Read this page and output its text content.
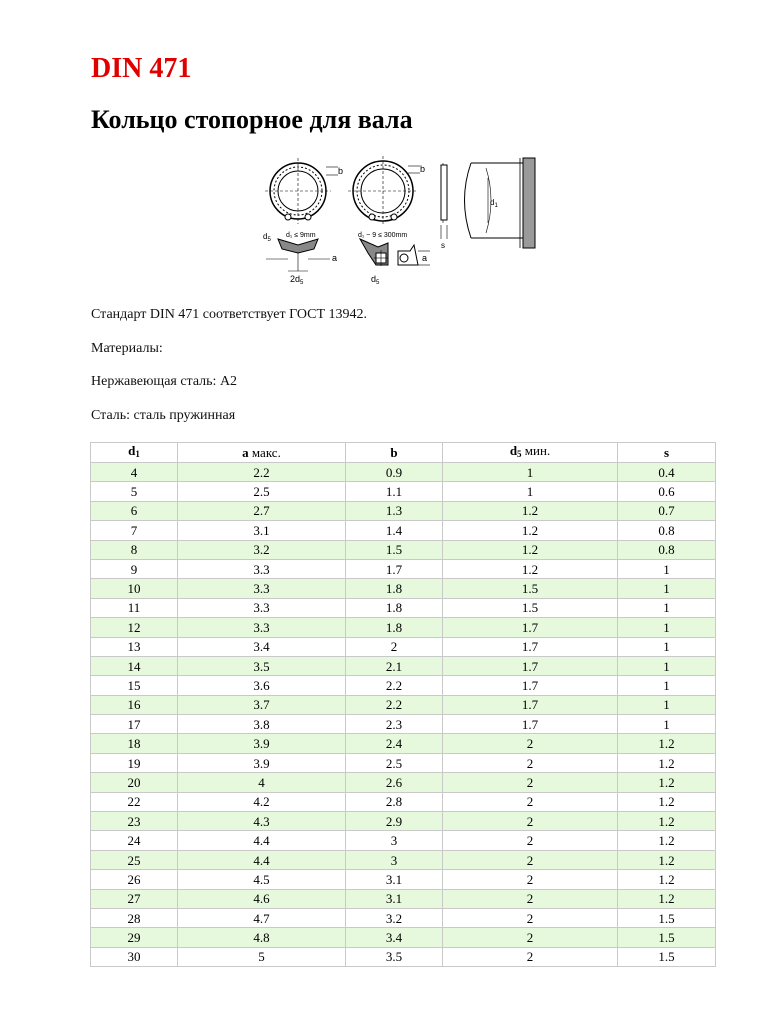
DIN 471
Кольцо стопорное для вала
b	b
$d_1$
$d_5$
d₁ ≤ 9mm	d₁ ~ 9 ≤ 300mm
a	a
$2d_5$	$d_5$
s

Стандарт DIN 471 соответствует ГОСТ 13942.

Материалы:

Нержавеющая сталь: А2

Сталь: сталь пружинная

$d_1$	a макс.	b	$d_5$ мин.	s
4	2.2	0.9	1	0.4
5	2.5	1.1	1	0.6
6	2.7	1.3	1.2	0.7
7	3.1	1.4	1.2	0.8
8	3.2	1.5	1.2	0.8
9	3.3	1.7	1.2	1
10	3.3	1.8	1.5	1
11	3.3	1.8	1.5	1
12	3.3	1.8	1.7	1
13	3.4	2	1.7	1
14	3.5	2.1	1.7	1
15	3.6	2.2	1.7	1
16	3.7	2.2	1.7	1
17	3.8	2.3	1.7	1
18	3.9	2.4	2	1.2
19	3.9	2.5	2	1.2
20	4	2.6	2	1.2
22	4.2	2.8	2	1.2
23	4.3	2.9	2	1.2
24	4.4	3	2	1.2
25	4.4	3	2	1.2
26	4.5	3.1	2	1.2
27	4.6	3.1	2	1.2
28	4.7	3.2	2	1.5
29	4.8	3.4	2	1.5
30	5	3.5	2	1.5
